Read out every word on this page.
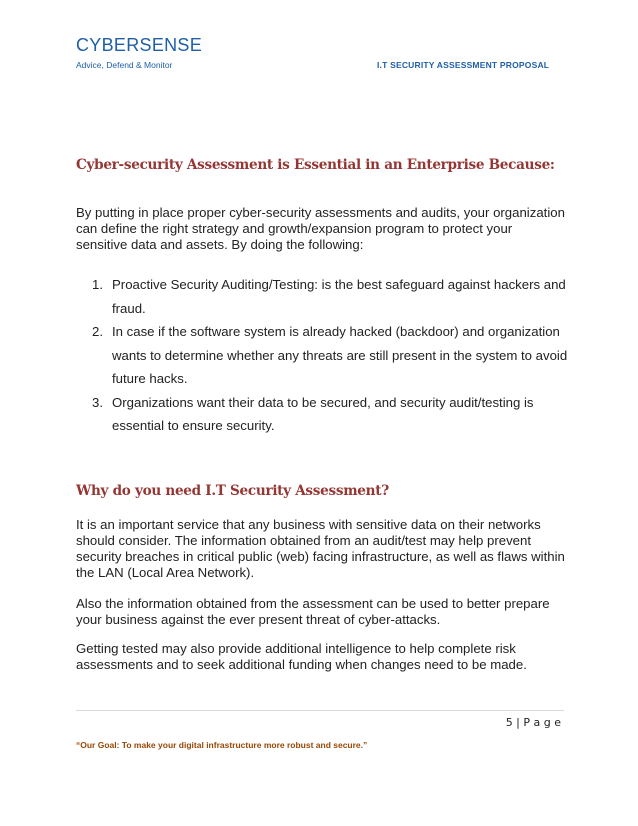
CYBERSENSE
Advice, Defend & Monitor	I.T SECURITY ASSESSMENT PROPOSAL
Cyber-security Assessment is Essential in an Enterprise Because:

By putting in place proper cyber-security assessments and audits, your organization can define the right strategy and growth/expansion program to protect your sensitive data and assets. By doing the following:

1. Proactive Security Auditing/Testing: is the best safeguard against hackers and fraud.
2. In case if the software system is already hacked (backdoor) and organization wants to determine whether any threats are still present in the system to avoid future hacks.
3. Organizations want their data to be secured, and security audit/testing is essential to ensure security.
Why do you need I.T Security Assessment?

It is an important service that any business with sensitive data on their networks should consider. The information obtained from an audit/test may help prevent security breaches in critical public (web) facing infrastructure, as well as flaws within the LAN (Local Area Network).

Also the information obtained from the assessment can be used to better prepare your business against the ever present threat of cyber-attacks.

Getting tested may also provide additional intelligence to help complete risk assessments and to seek additional funding when changes need to be made.

5 | P a g e
“Our Goal: To make your digital infrastructure more robust and secure.”
